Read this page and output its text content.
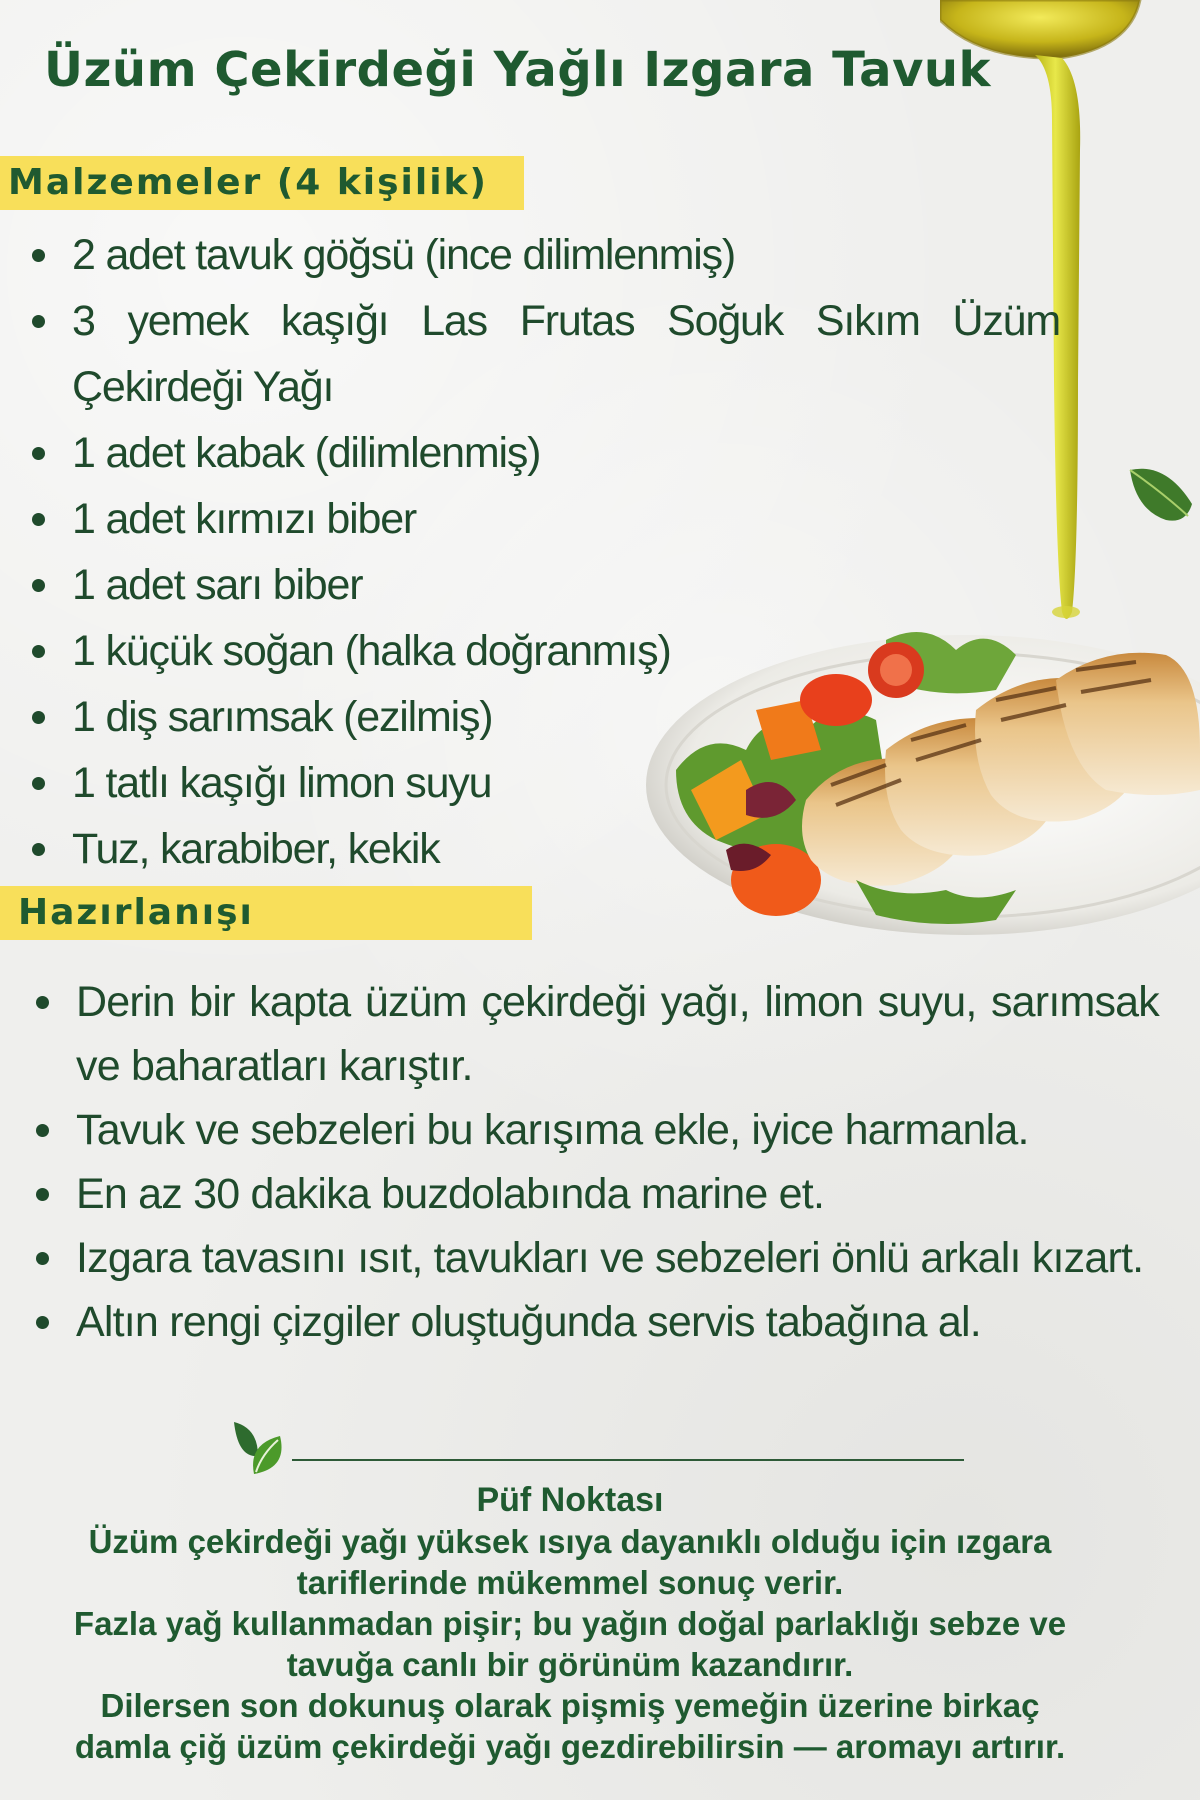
Üzüm Çekirdeği Yağlı Izgara Tavuk
Malzemeler (4 kişilik)
2 adet tavuk göğsü (ince dilimlenmiş)
3 yemek kaşığı Las Frutas Soğuk Sıkım Üzüm Çekirdeği Yağı
1 adet kabak (dilimlenmiş)
1 adet kırmızı biber
1 adet sarı biber
1 küçük soğan (halka doğranmış)
1 diş sarımsak (ezilmiş)
1 tatlı kaşığı limon suyu
Tuz, karabiber, kekik
Hazırlanışı
Derin bir kapta üzüm çekirdeği yağı, limon suyu, sarımsak ve baharatları karıştır.
Tavuk ve sebzeleri bu karışıma ekle, iyice harmanla.
En az 30 dakika buzdolabında marine et.
Izgara tavasını ısıt, tavukları ve sebzeleri önlü arkalı kızart.
Altın rengi çizgiler oluştuğunda servis tabağına al.

Püf Noktası

Üzüm çekirdeği yağı yüksek ısıya dayanıklı olduğu için ızgara

tariflerinde mükemmel sonuç verir.

Fazla yağ kullanmadan pişir; bu yağın doğal parlaklığı sebze ve

tavuğa canlı bir görünüm kazandırır.

Dilersen son dokunuş olarak pişmiş yemeğin üzerine birkaç

damla çiğ üzüm çekirdeği yağı gezdirebilirsin — aromayı artırır.
